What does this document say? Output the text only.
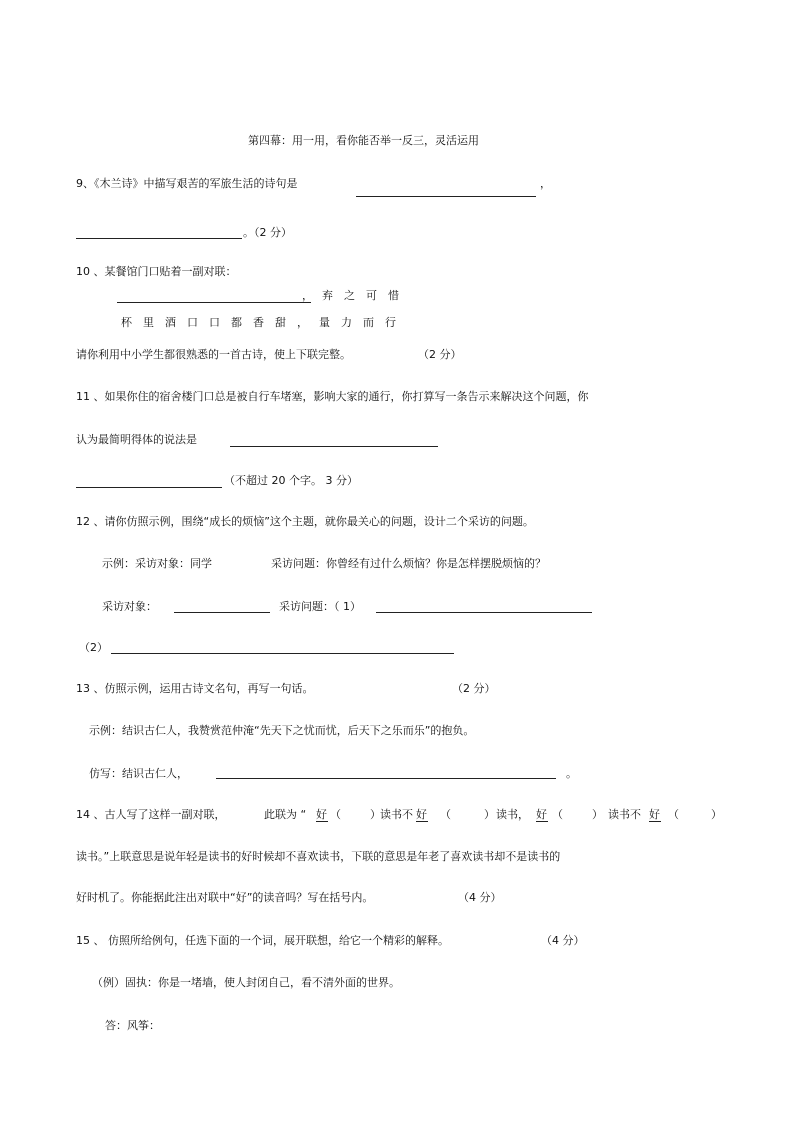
第四幕：用一用，看你能否举一反三，灵活运用
9、《木兰诗》中描写艰苦的军旅生活的诗句是	，
。（2 分）
10 、某餐馆门口贴着一副对联：
， 弃 之 可 惜
杯 里 酒 口 口 都 香 甜 ， 量 力 而 行
请你利用中小学生都很熟悉的一首古诗，使上下联完整。	（2 分）
11 、如果你住的宿舍楼门口总是被自行车堵塞，影响大家的通行，你打算写一条告示来解决这个问题，你
认为最简明得体的说法是
（不超过 20 个字。 3 分）
12 、请你仿照示例，围绕“成长的烦恼”这个主题，就你最关心的问题，设计二个采访的问题。
示例：采访对象：同学	采访问题：你曾经有过什么烦恼？你是怎样摆脱烦恼的？
采访对象：	采访问题：（ 1）
（2）
13 、仿照示例，运用古诗文名句，再写一句话。	（2 分）
示例：结识古仁人，我赞赏范仲淹“先天下之忧而忧，后天下之乐而乐”的抱负。
仿写：结识古仁人，	。
14 、古人写了这样一副对联，	此联为 “ 好 （	） 读书不 好 （	） 读书， 好 （	） 读书不 好 （	）
读书。”上联意思是说年轻是读书的好时候却不喜欢读书，下联的意思是年老了喜欢读书却不是读书的
好时机了。你能据此注出对联中“好”的读音吗？写在括号内。	（4 分）
15 、 仿照所给例句，任选下面的一个词，展开联想，给它一个精彩的解释。	（4 分）
（例）固执：你是一堵墙，使人封闭自己，看不清外面的世界。
答：风筝：
